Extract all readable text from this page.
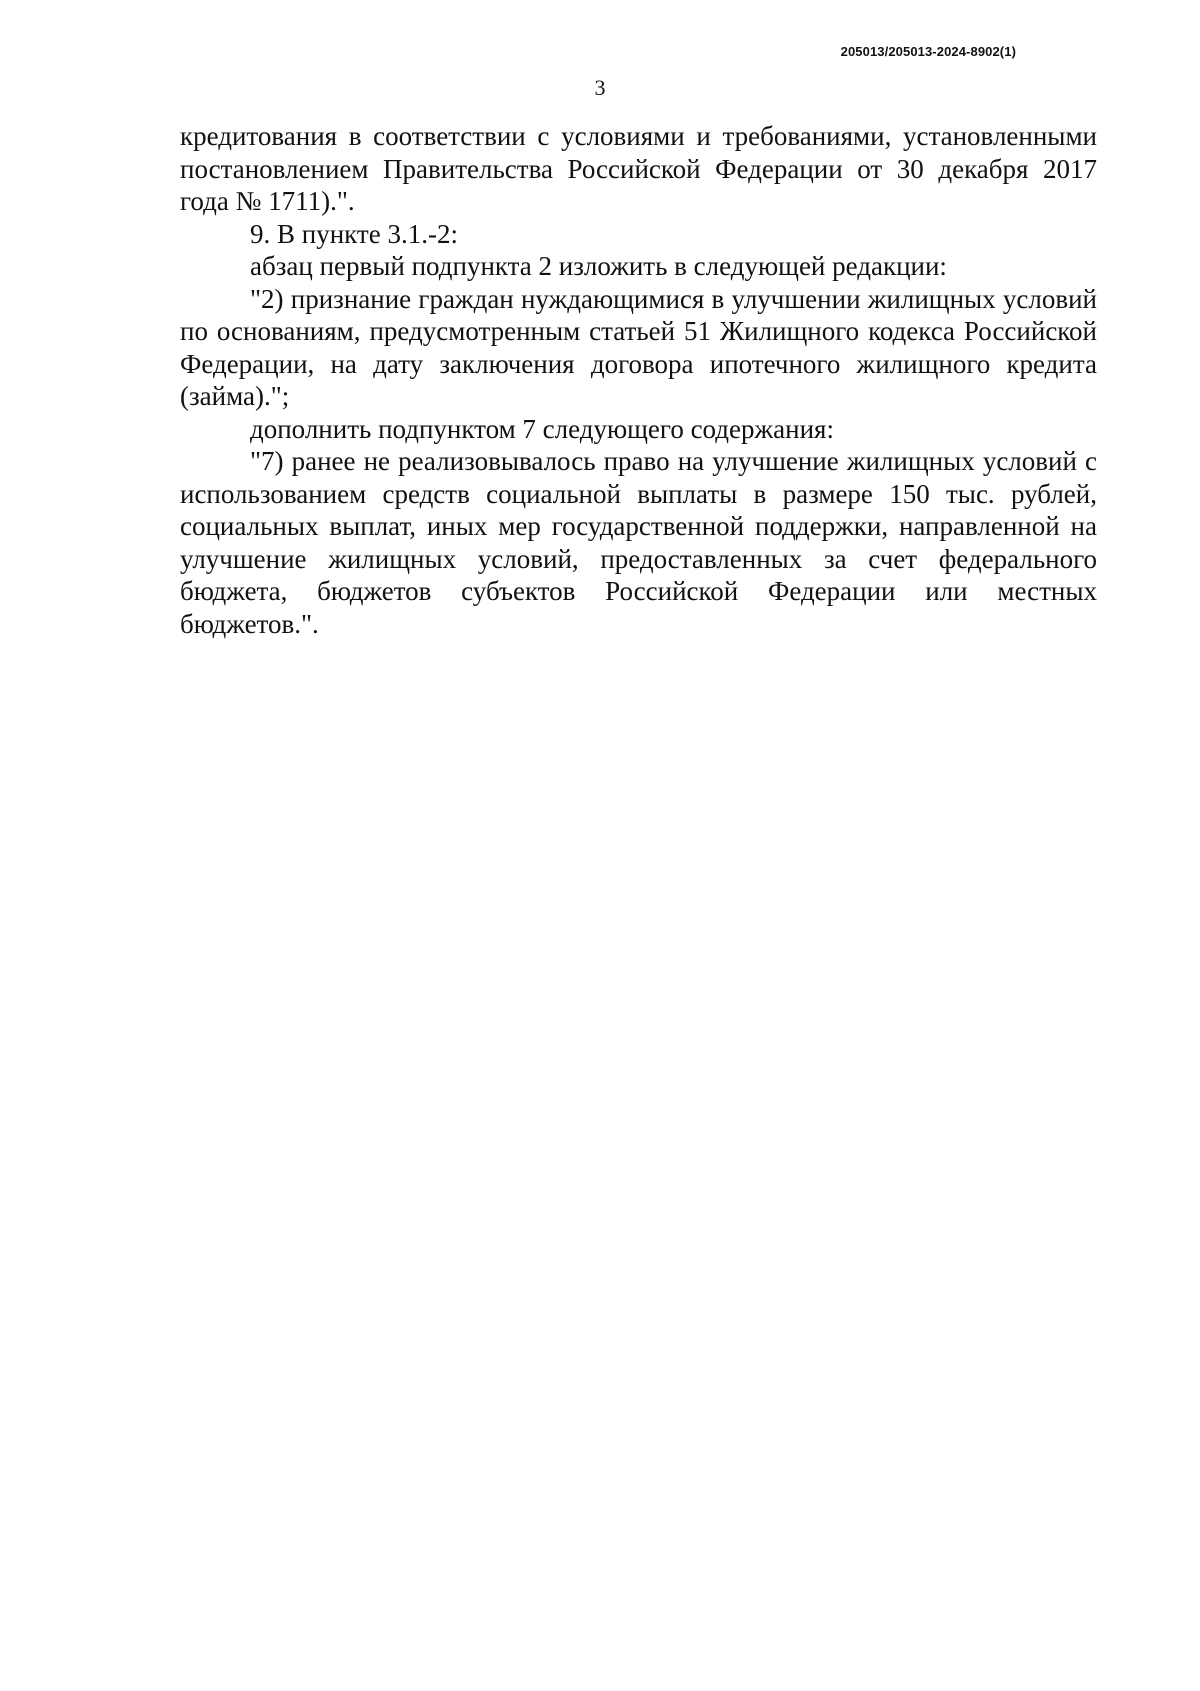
205013/205013-2024-8902(1)
3

кредитования в соответствии с условиями и требованиями, установленными постановлением Правительства Российской Федерации от 30 декабря 2017 года № 1711).".

9. В пункте 3.1.-2:

абзац первый подпункта 2 изложить в следующей редакции:

"2) признание граждан нуждающимися в улучшении жилищных условий по основаниям, предусмотренным статьей 51 Жилищного кодекса Российской Федерации, на дату заключения договора ипотечного жилищного кредита (займа).";

дополнить подпунктом 7 следующего содержания:

"7) ранее не реализовывалось право на улучшение жилищных условий с использованием средств социальной выплаты в размере 150 тыс. рублей, социальных выплат, иных мер государственной поддержки, направленной на улучшение жилищных условий, предоставленных за счет федерального бюджета, бюджетов субъектов Российской Федерации или местных бюджетов.".
